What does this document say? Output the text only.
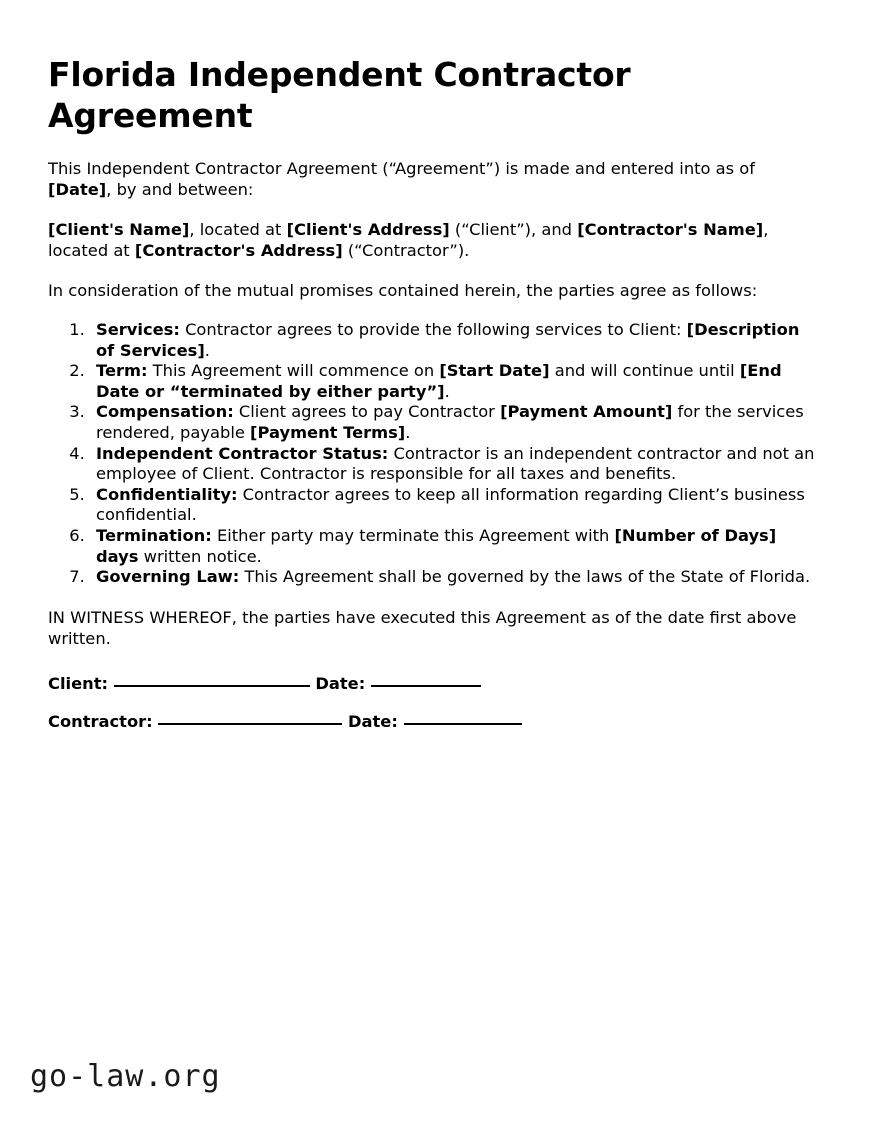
Florida Independent Contractor Agreement

This Independent Contractor Agreement (“Agreement”) is made and entered into as of [Date], by and between:

[Client's Name], located at [Client's Address] (“Client”), and [Contractor's Name], located at [Contractor's Address] (“Contractor”).

In consideration of the mutual promises contained herein, the parties agree as follows:

1. Services: Contractor agrees to provide the following services to Client: [Description of Services].
2. Term: This Agreement will commence on [Start Date] and will continue until [End Date or “terminated by either party”].
3. Compensation: Client agrees to pay Contractor [Payment Amount] for the services rendered, payable [Payment Terms].
4. Independent Contractor Status: Contractor is an independent contractor and not an employee of Client. Contractor is responsible for all taxes and benefits.
5. Confidentiality: Contractor agrees to keep all information regarding Client’s business confidential.
6. Termination: Either party may terminate this Agreement with [Number of Days] days written notice.
7. Governing Law: This Agreement shall be governed by the laws of the State of Florida.

IN WITNESS WHEREOF, the parties have executed this Agreement as of the date first above written.

Client:	Date:

Contractor:	Date:

go-law.org
